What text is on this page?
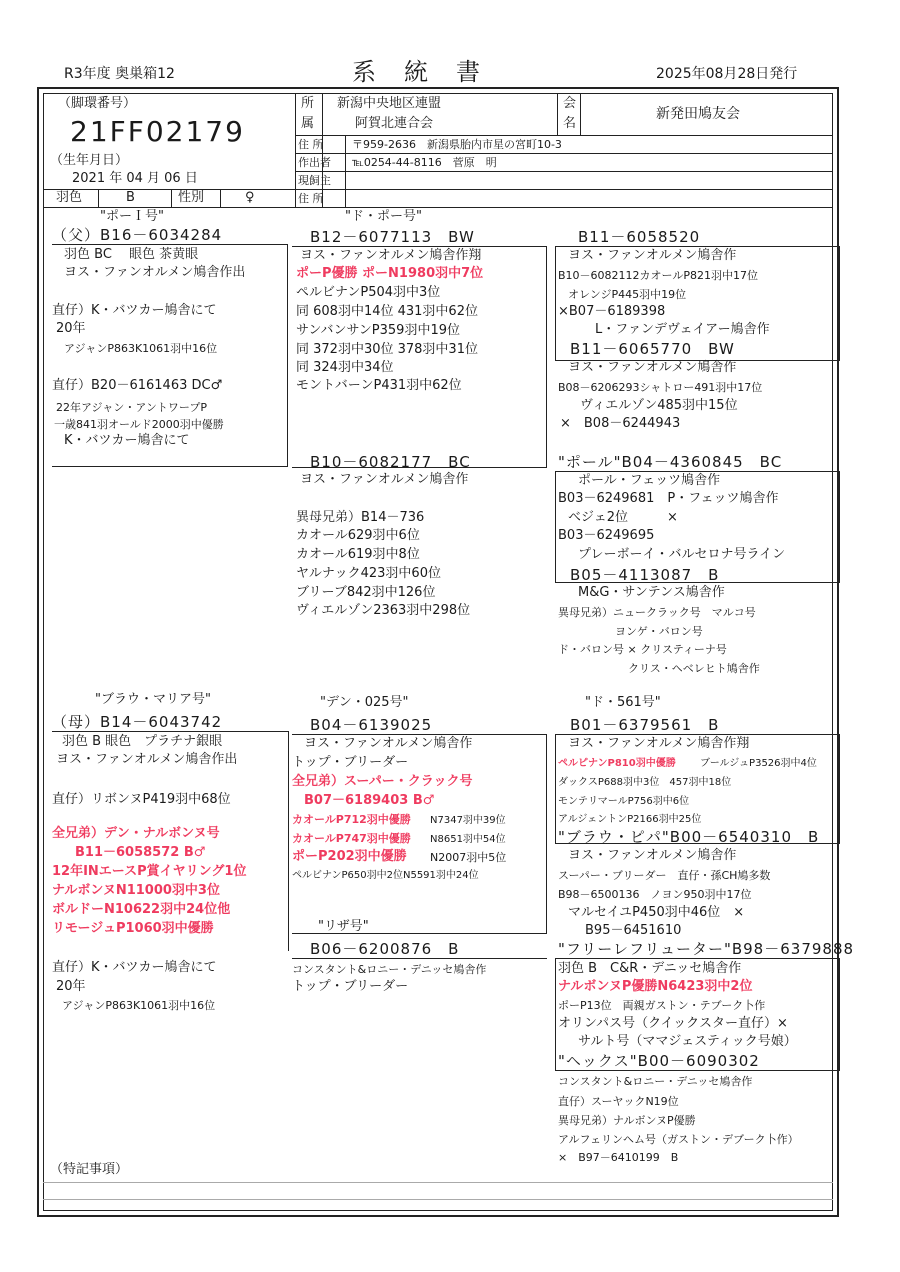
R3年度 奥巣箱12	系統書	2025年08月28日発行
（脚環番号）
21FF02179
（生年月日）
2021 年 04 月 06 日
羽色	B	性別	♀
所
属
新潟中央地区連盟
阿賀北連合会
会
名
新発田鳩友会
住 所	〒959-2636　新潟県胎内市星の宮町10-3
作出者 ℡0254-44-8116　菅原　明
現飼主
住 所
"ポーＩ号"
（父）B16－6034284
羽色 BC　 眼色 茶黄眼
ヨス・ファンオルメン鳩舎作出
直仔）K・バツカー鳩舎にて
20年
アジャンP863K1061羽中16位
直仔）B20－6161463 DC♂
22年アジャン・アントワープP
一歳841羽オールド2000羽中優勝
K・バツカー鳩舎にて
"ド・ポー号"
B12－6077113　BW
ヨス・ファンオルメン鳩舎作翔
ポーP優勝 ポーN1980羽中7位
ペルビナンP504羽中3位
同 608羽中14位 431羽中62位
サンバンサンP359羽中19位
同 372羽中30位 378羽中31位
同 324羽中34位
モントバーンP431羽中62位
B11－6058520
ヨス・ファンオルメン鳩舎作
B10－6082112カオールP821羽中17位
オレンジP445羽中19位
×B07－6189398
L・ファンデヴェイアー鳩舎作
B11－6065770　BW
ヨス・ファンオルメン鳩舎作
B08－6206293シャトロー491羽中17位
ヴィエルゾン485羽中15位
×　B08－6244943
B10－6082177　BC
ヨス・ファンオルメン鳩舎作
異母兄弟）B14－736
カオール629羽中6位
カオール619羽中8位
ヤルナック423羽中60位
ブリーブ842羽中126位
ヴィエルゾン2363羽中298位
"ポール"B04－4360845　BC
ポール・フェッツ鳩舎作
B03－6249681　P・フェッツ鳩舎作
ベジェ2位　　　×
B03－6249695
プレーボーイ・バルセロナ号ライン
B05－4113087　B
M&G・サンテンス鳩舎作
異母兄弟）ニュークラック号　マルコ号
ヨンゲ・バロン号
ド・バロン号 × クリスティーナ号
クリス・ヘベレヒト鳩舎作
"ブラウ・マリア号"
（母）B14－6043742
羽色 B 眼色　プラチナ銀眼
ヨス・ファンオルメン鳩舎作出
直仔）リボンヌP419羽中68位
全兄弟）デン・ナルボンヌ号
B11－6058572 B♂
12年INエースP賞イヤリング1位
ナルボンヌN11000羽中3位
ボルドーN10622羽中24位他
リモージュP1060羽中優勝
直仔）K・バツカー鳩舎にて
20年
アジャンP863K1061羽中16位
"デン・025号"
B04－6139025
ヨス・ファンオルメン鳩舎作
トップ・ブリーダー
全兄弟）スーパー・クラック号
B07－6189403 B♂
カオールP712羽中優勝 N7347羽中39位
カオールP747羽中優勝 N8651羽中54位
ポーP202羽中優勝 N2007羽中5位
ペルビナンP650羽中2位N5591羽中24位
"ド・561号"
B01－6379561　B
ヨス・ファンオルメン鳩舎作翔
ペルピナンP810羽中優勝 ブールジュP3526羽中4位
ダックスP688羽中3位　457羽中18位
モンテリマールP756羽中6位
アルジェントンP2166羽中25位
"ブラウ・ピパ"B00－6540310　B
ヨス・ファンオルメン鳩舎作
スーパー・ブリーダー　直仔・孫CH鳩多数
B98－6500136　ノヨン950羽中17位
マルセイユP450羽中46位　×
B95－6451610
"リザ号"
B06－6200876　B
コンスタント&ロニー・デニッセ鳩舎作
トップ・ブリーダー
"フリーレフリューター"B98－6379888
羽色 B　C&R・デニッセ鳩舎作
ナルボンヌP優勝N6423羽中2位
ポーP13位　両親ガストン・テブーク卜作
オリンパス号（クイックスター直仔）×
サルト号（ママジェスティック号娘）
"ヘックス"B00－6090302
コンスタント&ロニー・デニッセ鳩舎作
直仔）スーヤックN19位
異母兄弟）ナルボンヌP優勝
アルフェリンヘム号（ガストン・デブーク卜作）
×　B97－6410199　B
（特記事項）
